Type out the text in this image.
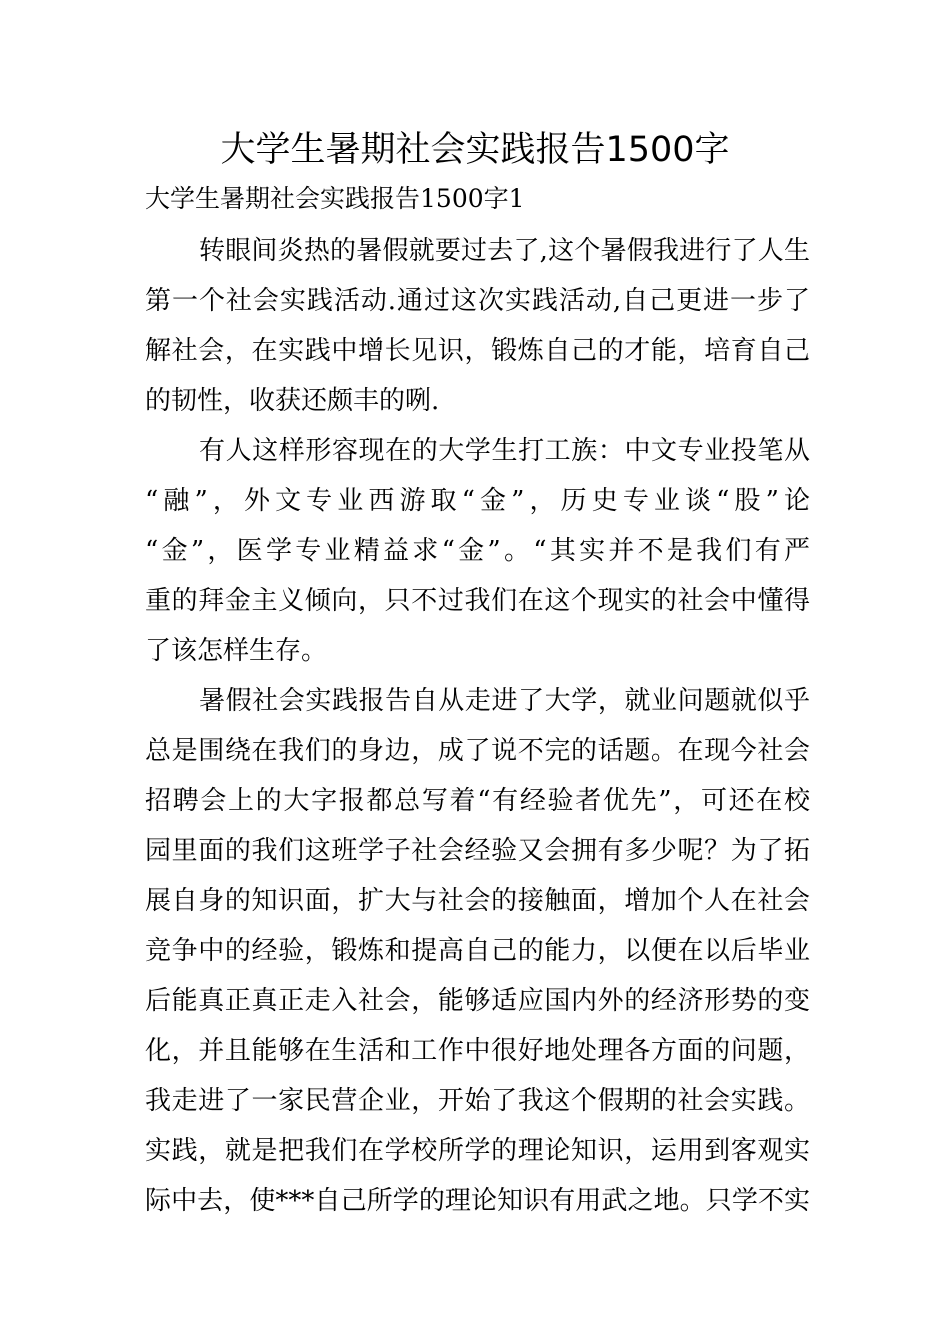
大学生暑期社会实践报告1500字
大学生暑期社会实践报告1500字1

转眼间炎热的暑假就要过去了,这个暑假我进行了人生
第一个社会实践活动.通过这次实践活动,自己更进一步了
解社会，在实践中增长见识，锻炼自己的才能，培育自己
的韧性，收获还颇丰的咧.

有人这样形容现在的大学生打工族：中文专业投笔从
“融”，外文专业西游取“金”，历史专业谈“股”论
“金”，医学专业精益求“金”。“其实并不是我们有严
重的拜金主义倾向，只不过我们在这个现实的社会中懂得
了该怎样生存。

暑假社会实践报告自从走进了大学，就业问题就似乎
总是围绕在我们的身边，成了说不完的话题。在现今社会
招聘会上的大字报都总写着“有经验者优先”，可还在校
园里面的我们这班学子社会经验又会拥有多少呢？为了拓
展自身的知识面，扩大与社会的接触面，增加个人在社会
竞争中的经验，锻炼和提高自己的能力，以便在以后毕业
后能真正真正走入社会，能够适应国内外的经济形势的变
化，并且能够在生活和工作中很好地处理各方面的问题，
我走进了一家民营企业，开始了我这个假期的社会实践。
实践，就是把我们在学校所学的理论知识，运用到客观实
际中去，使***自己所学的理论知识有用武之地。只学不实
